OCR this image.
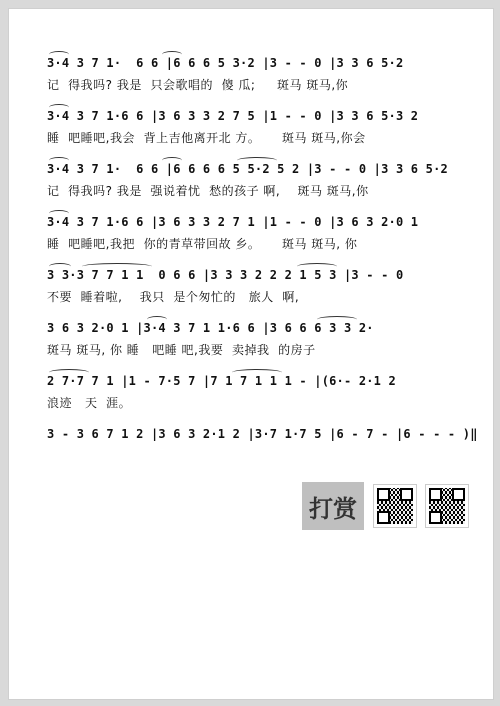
3·4 3 7 1·  6 6 |6 6 6 5 3·2 |3 - - 0 |3 3 6 5·2
记  得我吗? 我是  只会歌唱的  傻 瓜;     斑马 斑马,你
3·4 3 7 1·6 6 |3 6 3 3 2 7 5 |1 - - 0 |3 3 6 5·3 2
睡  吧睡吧,我会  背上吉他离开北 方。     斑马 斑马,你会
3·4 3 7 1·  6 6 |6 6 6 6 5 5·2 5 2 |3 - - 0 |3 3 6 5·2
记  得我吗? 我是  强说着忧  愁的孩子 啊,    斑马 斑马,你
3·4 3 7 1·6 6 |3 6 3 3 2 7 1 |1 - - 0 |3 6 3 2·0 1
睡  吧睡吧,我把  你的青草带回故 乡。     斑马 斑马, 你
3 3·3 7 7 1 1  0 6 6 |3 3 3 2 2 2 1 5 3 |3 - - 0
不要  睡着啦,    我只  是个匆忙的   旅人  啊,
3 6 3 2·0 1 |3·4 3 7 1 1·6 6 |3 6 6 6 3 3 2·
斑马 斑马, 你 睡   吧睡 吧,我要  卖掉我  的房子
2 7·7 7 1 |1 - 7·5 7 |7 1 7 1 1 1 - |(6·- 2·1 2
浪迹   天  涯。
3 - 3 6 7 1 2 |3 6 3 2·1 2 |3·7 1·7 5 |6 - 7 - |6 - - - )‖
打赏
